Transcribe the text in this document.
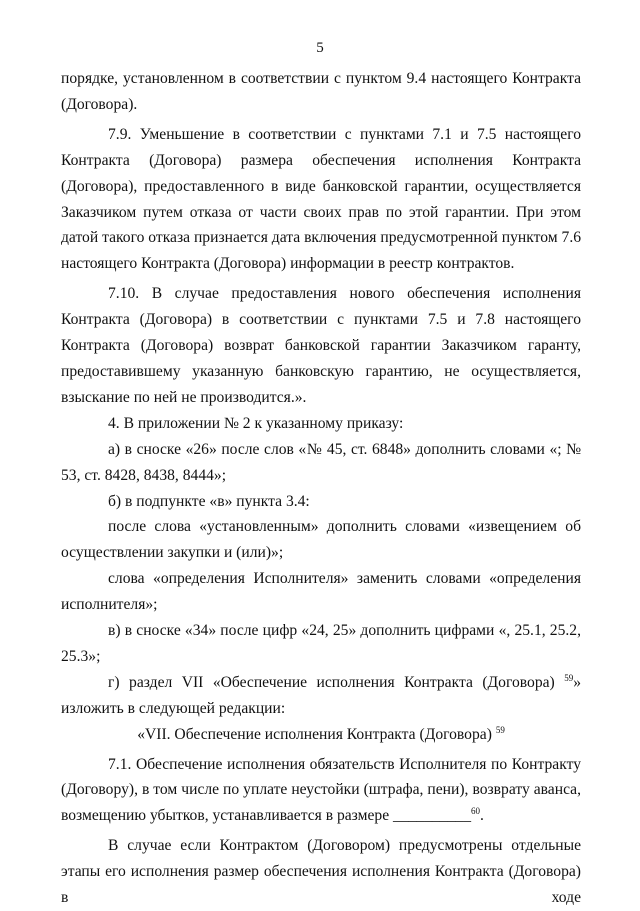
5

порядке, установленном в соответствии с пунктом 9.4 настоящего Контракта (Договора).

7.9. Уменьшение в соответствии с пунктами 7.1 и 7.5 настоящего Контракта (Договора) размера обеспечения исполнения Контракта (Договора), предоставленного в виде банковской гарантии, осуществляется Заказчиком путем отказа от части своих прав по этой гарантии. При этом датой такого отказа признается дата включения предусмотренной пунктом 7.6 настоящего Контракта (Договора) информации в реестр контрактов.

7.10. В случае предоставления нового обеспечения исполнения Контракта (Договора) в соответствии с пунктами 7.5 и 7.8 настоящего Контракта (Договора) возврат банковской гарантии Заказчиком гаранту, предоставившему указанную банковскую гарантию, не осуществляется, взыскание по ней не производится.».

4. В приложении № 2 к указанному приказу:

а) в сноске «26» после слов «№ 45, ст. 6848» дополнить словами «; № 53, ст. 8428, 8438, 8444»;

б) в подпункте «в» пункта 3.4:

после слова «установленным» дополнить словами «извещением об осуществлении закупки и (или)»;

слова «определения Исполнителя» заменить словами «определения исполнителя»;

в) в сноске «34» после цифр «24, 25» дополнить цифрами «, 25.1, 25.2, 25.3»;

г) раздел VII «Обеспечение исполнения Контракта (Договора) $^{59}$» изложить в следующей редакции:

«VII. Обеспечение исполнения Контракта (Договора) $^{59}$

7.1. Обеспечение исполнения обязательств Исполнителя по Контракту (Договору), в том числе по уплате неустойки (штрафа, пени), возврату аванса, возмещению убытков, устанавливается в размере __________$^{60}$.

В случае если Контрактом (Договором) предусмотрены отдельные этапы его исполнения размер обеспечения исполнения Контракта (Договора) в ходе
